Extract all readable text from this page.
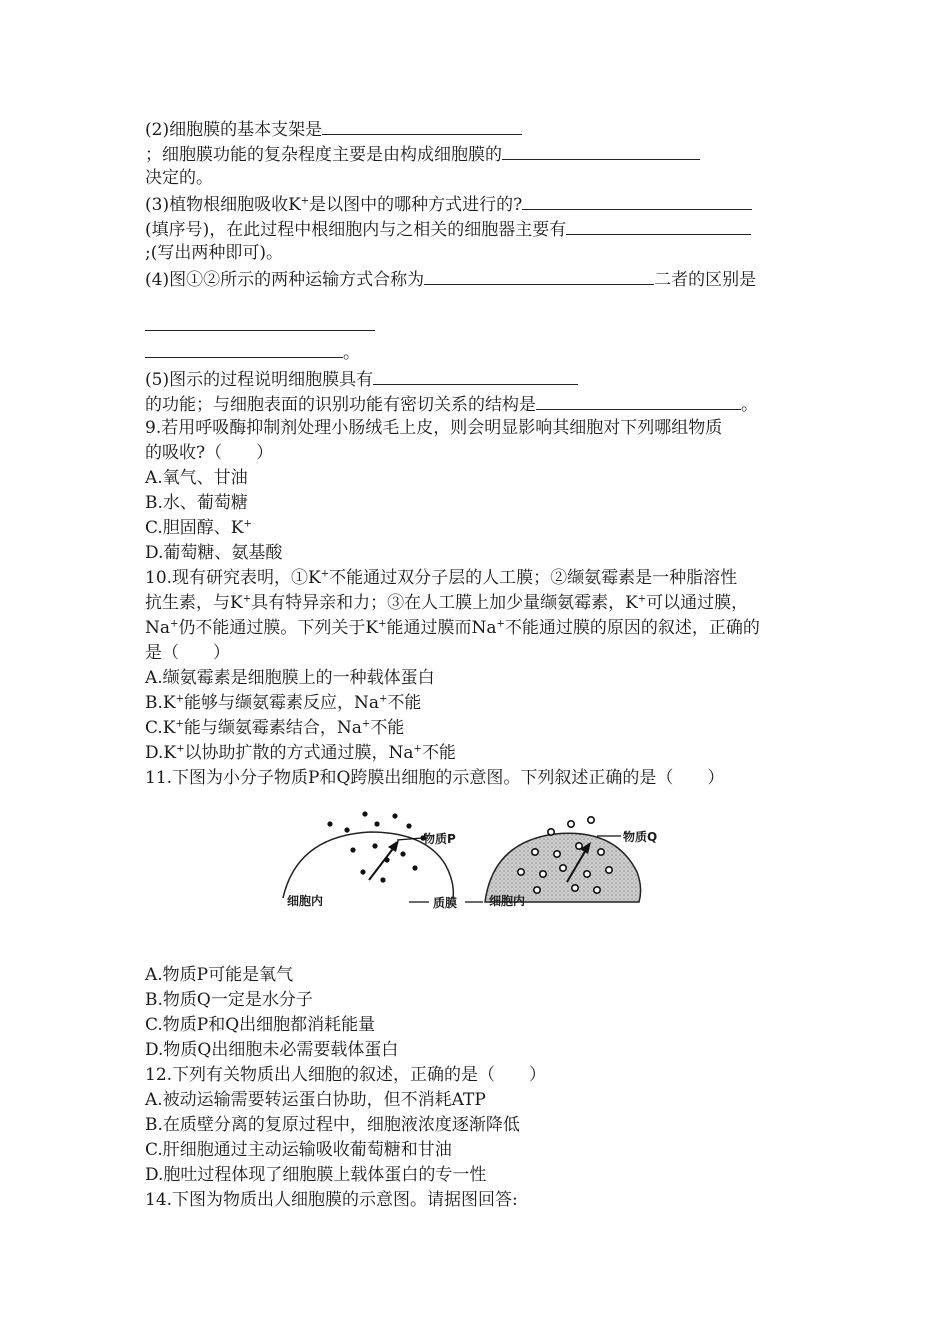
(2)细胞膜的基本支架是
；细胞膜功能的复杂程度主要是由构成细胞膜的
决定的。
(3)植物根细胞吸收K+是以图中的哪种方式进行的?
(填序号)，在此过程中根细胞内与之相关的细胞器主要有
;(写出两种即可)。
(4)图①②所示的两种运输方式合称为	二者的区别是
。
(5)图示的过程说明细胞膜具有
的功能；与细胞表面的识别功能有密切关系的结构是	。
9.若用呼吸酶抑制剂处理小肠绒毛上皮，则会明显影响其细胞对下列哪组物质
的吸收?（　　）
A.氧气、甘油
B.水、葡萄糖
C.胆固醇、K+
D.葡萄糖、氨基酸
10.现有研究表明，①K+不能通过双分子层的人工膜；②缬氨霉素是一种脂溶性
抗生素，与K+具有特异亲和力；③在人工膜上加少量缬氨霉素，K+可以通过膜，
Na+仍不能通过膜。下列关于K+能通过膜而Na+不能通过膜的原因的叙述，正确的
是（　　）
A.缬氨霉素是细胞膜上的一种载体蛋白
B.K+能够与缬氨霉素反应，Na+不能
C.K+能与缬氨霉素结合，Na+不能
D.K+以协助扩散的方式通过膜，Na+不能
11.下图为小分子物质P和Q跨膜出细胞的示意图。下列叙述正确的是（　　）
物质P	物质Q
细胞内	质膜	细胞内
A.物质P可能是氧气
B.物质Q一定是水分子
C.物质P和Q出细胞都消耗能量
D.物质Q出细胞未必需要载体蛋白
12.下列有关物质出人细胞的叙述，正确的是（　　）
A.被动运输需要转运蛋白协助，但不消耗ATP
B.在质壁分离的复原过程中，细胞液浓度逐渐降低
C.肝细胞通过主动运输吸收葡萄糖和甘油
D.胞吐过程体现了细胞膜上载体蛋白的专一性
14.下图为物质出人细胞膜的示意图。请据图回答:
